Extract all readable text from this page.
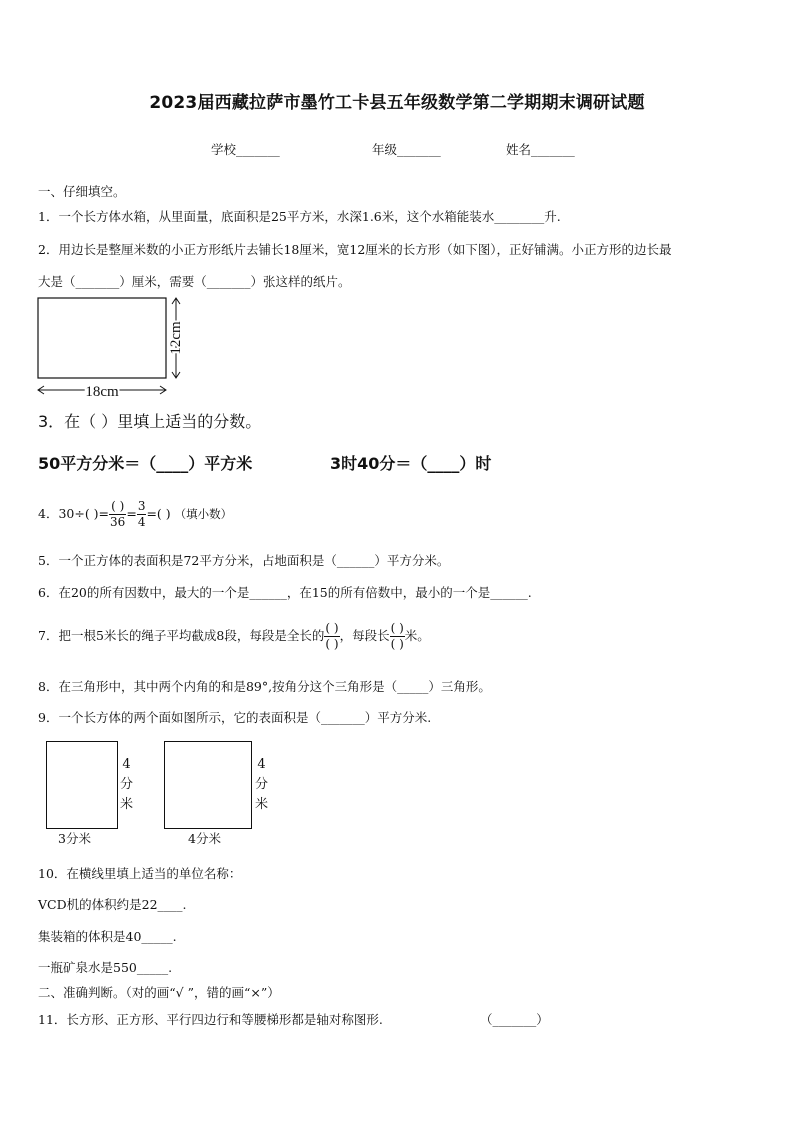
2023届西藏拉萨市墨竹工卡县五年级数学第二学期期末调研试题
学校_______	年级_______	姓名_______
一、仔细填空。
1．一个长方体水箱，从里面量，底面积是25平方米，水深1.6米，这个水箱能装水________升.
2．用边长是整厘米数的小正方形纸片去铺长18厘米，宽12厘米的长方形（如下图），正好铺满。小正方形的边长最
大是（_______）厘米，需要（_______）张这样的纸片。
18cm
12cm
3．在（ ）里填上适当的分数。
50平方分米＝（____）平方米	3时40分＝（____）时
4．30÷( )= $\frac{( )}{36} = \frac{3}{4}$ =( ) （填小数）
5．一个正方体的表面积是72平方分米，占地面积是（______）平方分米。
6．在20的所有因数中，最大的一个是______，在15的所有倍数中，最小的一个是______.
7．把一根5米长的绳子平均截成8段，每段是全长的 $\frac{( )}{( )}$ ，每段长 $\frac{( )}{( )}$ 米。
8．在三角形中，其中两个内角的和是89°,按角分这个三角形是（_____）三角形。
9．一个长方体的两个面如图所示，它的表面积是（_______）平方分米.
3分米
4
分
米
4分米
4
分
米
10．在横线里填上适当的单位名称：
VCD机的体积约是22____.
集装箱的体积是40_____.
一瓶矿泉水是550_____.
二、准确判断。（对的画“√ ”，错的画“×”）
11．长方形、正方形、平行四边行和等腰梯形都是轴对称图形.	（_______）
